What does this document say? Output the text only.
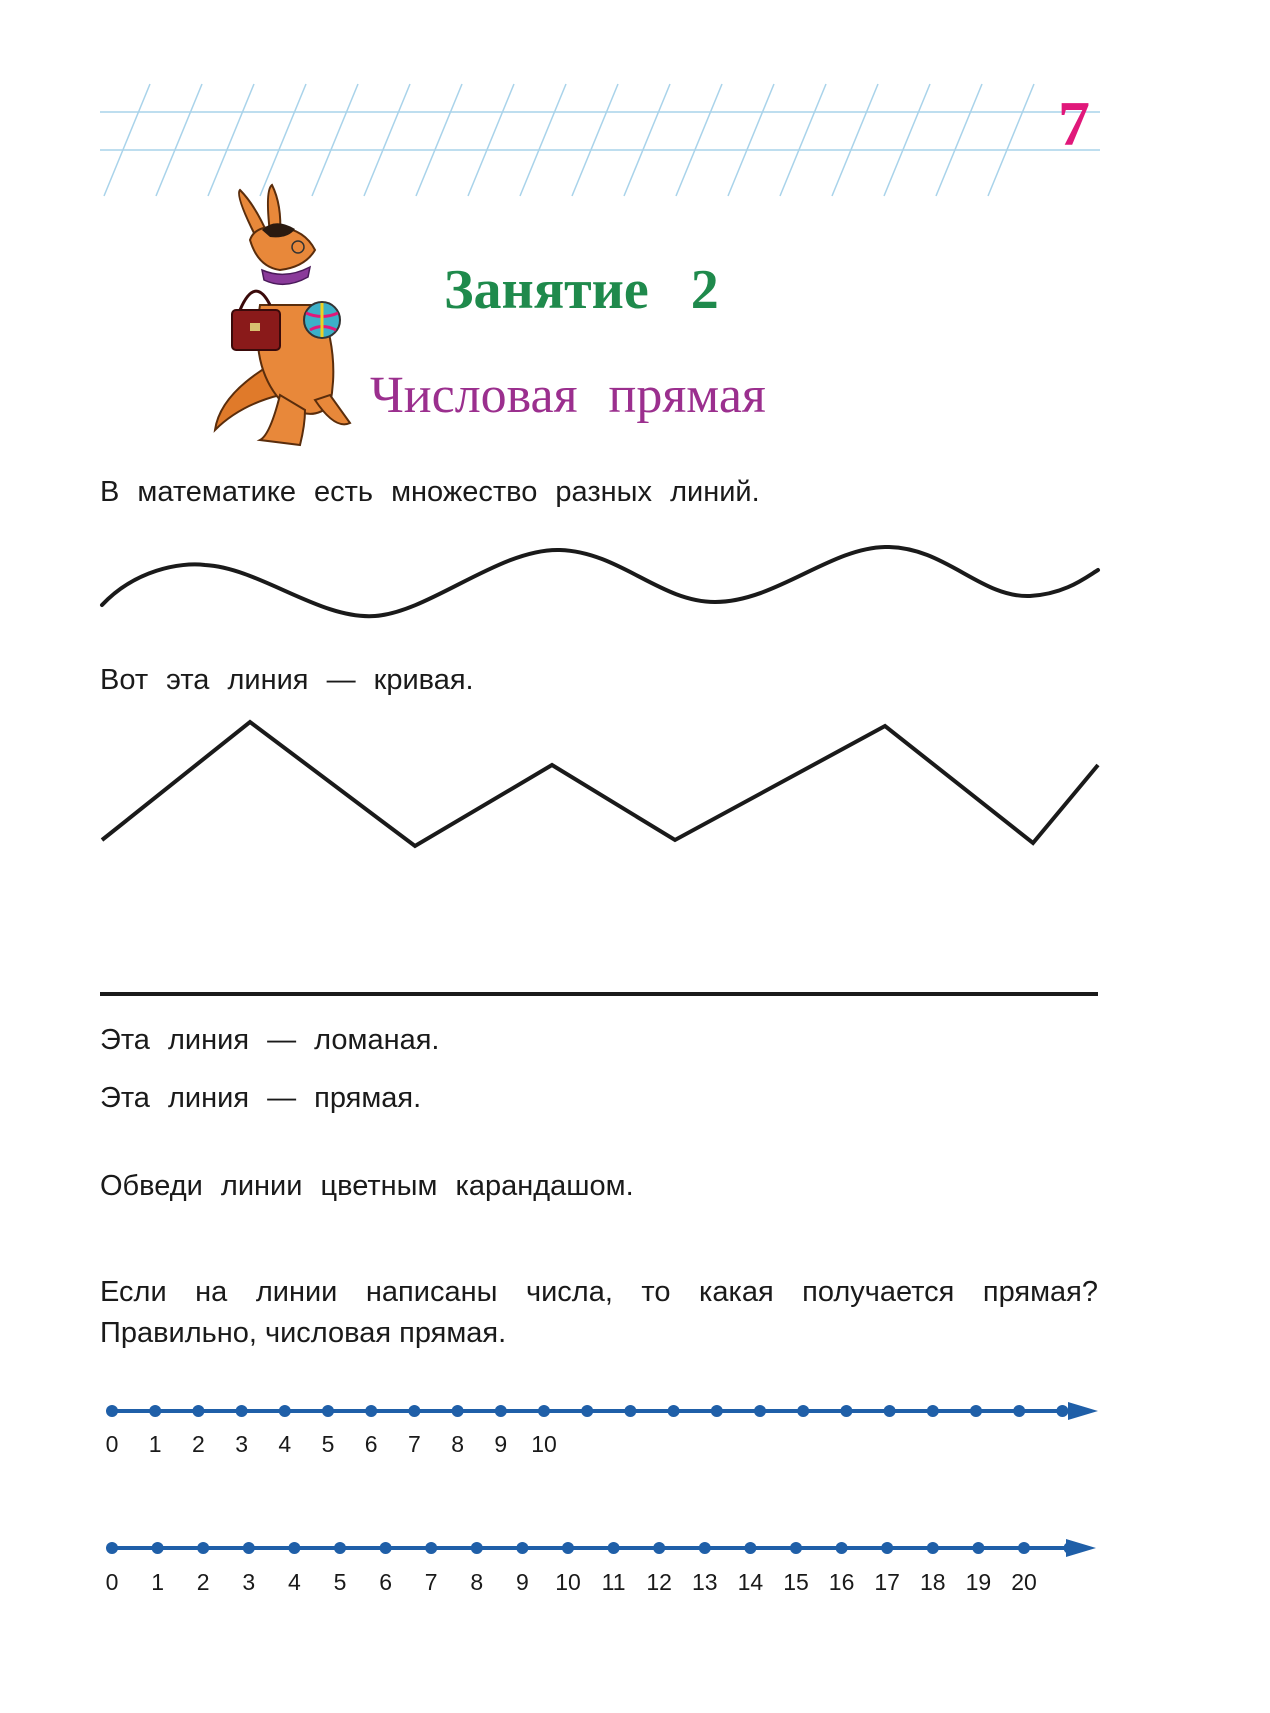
7
Занятие 2
Числовая прямая
В математике есть множество разных линий.
Вот эта линия — кривая.
Эта линия — ломаная.
Эта линия — прямая.
Обведи линии цветным карандашом.
Если на линии написаны числа, то какая получается прямая? Правильно, числовая прямая.
0 1 2 3 4 5 6 7 8 9 10
0 1 2 3 4 5 6 7 8 9 10 11 12 13 14 15 16 17 18 19 20
